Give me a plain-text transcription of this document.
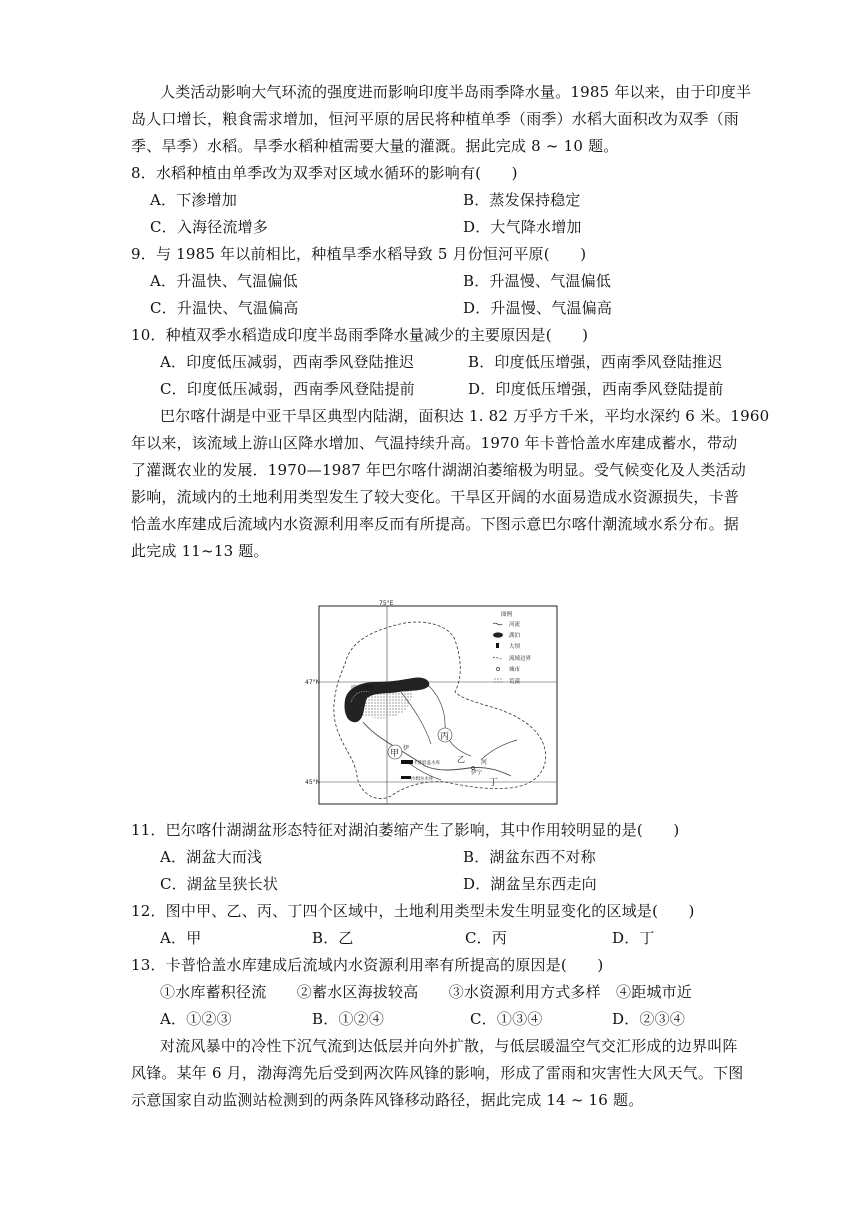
人类活动影响大气环流的强度进而影响印度半岛雨季降水量。1985 年以来，由于印度半
岛人口增长，粮食需求增加，恒河平原的居民将种植单季（雨季）水稻大面积改为双季（雨
季、旱季）水稻。旱季水稻种植需要大量的灌溉。据此完成 8 ~ 10 题。
8．水稻种植由单季改为双季对区域水循环的影响有(　　)
A．下渗增加	B．蒸发保持稳定
C．入海径流增多	D．大气降水增加
9．与 1985 年以前相比，种植旱季水稻导致 5 月份恒河平原(　　)
A．升温快、气温偏低	B．升温慢、气温偏低
C．升温快、气温偏高	D．升温慢、气温偏高
10．种植双季水稻造成印度半岛雨季降水量减少的主要原因是(　　)
A．印度低压减弱，西南季风登陆推迟	B．印度低压增强，西南季风登陆推迟
C．印度低压减弱，西南季风登陆提前	D．印度低压增强，西南季风登陆提前
巴尔喀什湖是中亚干旱区典型内陆湖，面积达 1. 82 万乎方千米，平均水深约 6 米。1960
年以来，该流域上游山区降水增加、气温持续升高。1970 年卡普恰盖水库建成蓄水，带动
了灌溉农业的发展．1970—1987 年巴尔喀什湖湖泊萎缩极为明显。受气候变化及人类活动
影响，流域内的土地利用类型发生了较大变化。干旱区开阔的水面易造成水资源损失，卡普
恰盖水库建成后流域内水资源利用率反而有所提高。下图示意巴尔喀什潮流域水系分布。据
此完成 11~13 题。
75°E
47°N
45°N
甲
乙
丙
丁
巴尔喀什
伊
河
伊宁
卡普恰盖水库
沙姆尔水库
图例
河流
湖泊
大坝
流域边界
城市
荒漠
11．巴尔喀什湖湖盆形态特征对湖泊萎缩产生了影响，其中作用较明显的是(　　)
A．湖盆大而浅	B．湖盆东西不对称
C．湖盆呈狭长状	D．湖盆呈东西走向
12．图中甲、乙、丙、丁四个区域中，土地利用类型未发生明显变化的区域是(　　)
A．甲	B．乙	C．丙	D．丁
13．卡普恰盖水库建成后流域内水资源利用率有所提高的原因是(　　)
①水库蓄积径流　　②蓄水区海拔较高　　③水资源利用方式多样　④距城市近
A．①②③	B．①②④	C．①③④	D．②③④
对流风暴中的冷性下沉气流到达低层并向外扩散，与低层暖温空气交汇形成的边界叫阵
风锋。某年 6 月，渤海湾先后受到两次阵风锋的影响，形成了雷雨和灾害性大风天气。下图
示意国家自动监测站检测到的两条阵风锋移动路径，据此完成 14 ~ 16 题。
